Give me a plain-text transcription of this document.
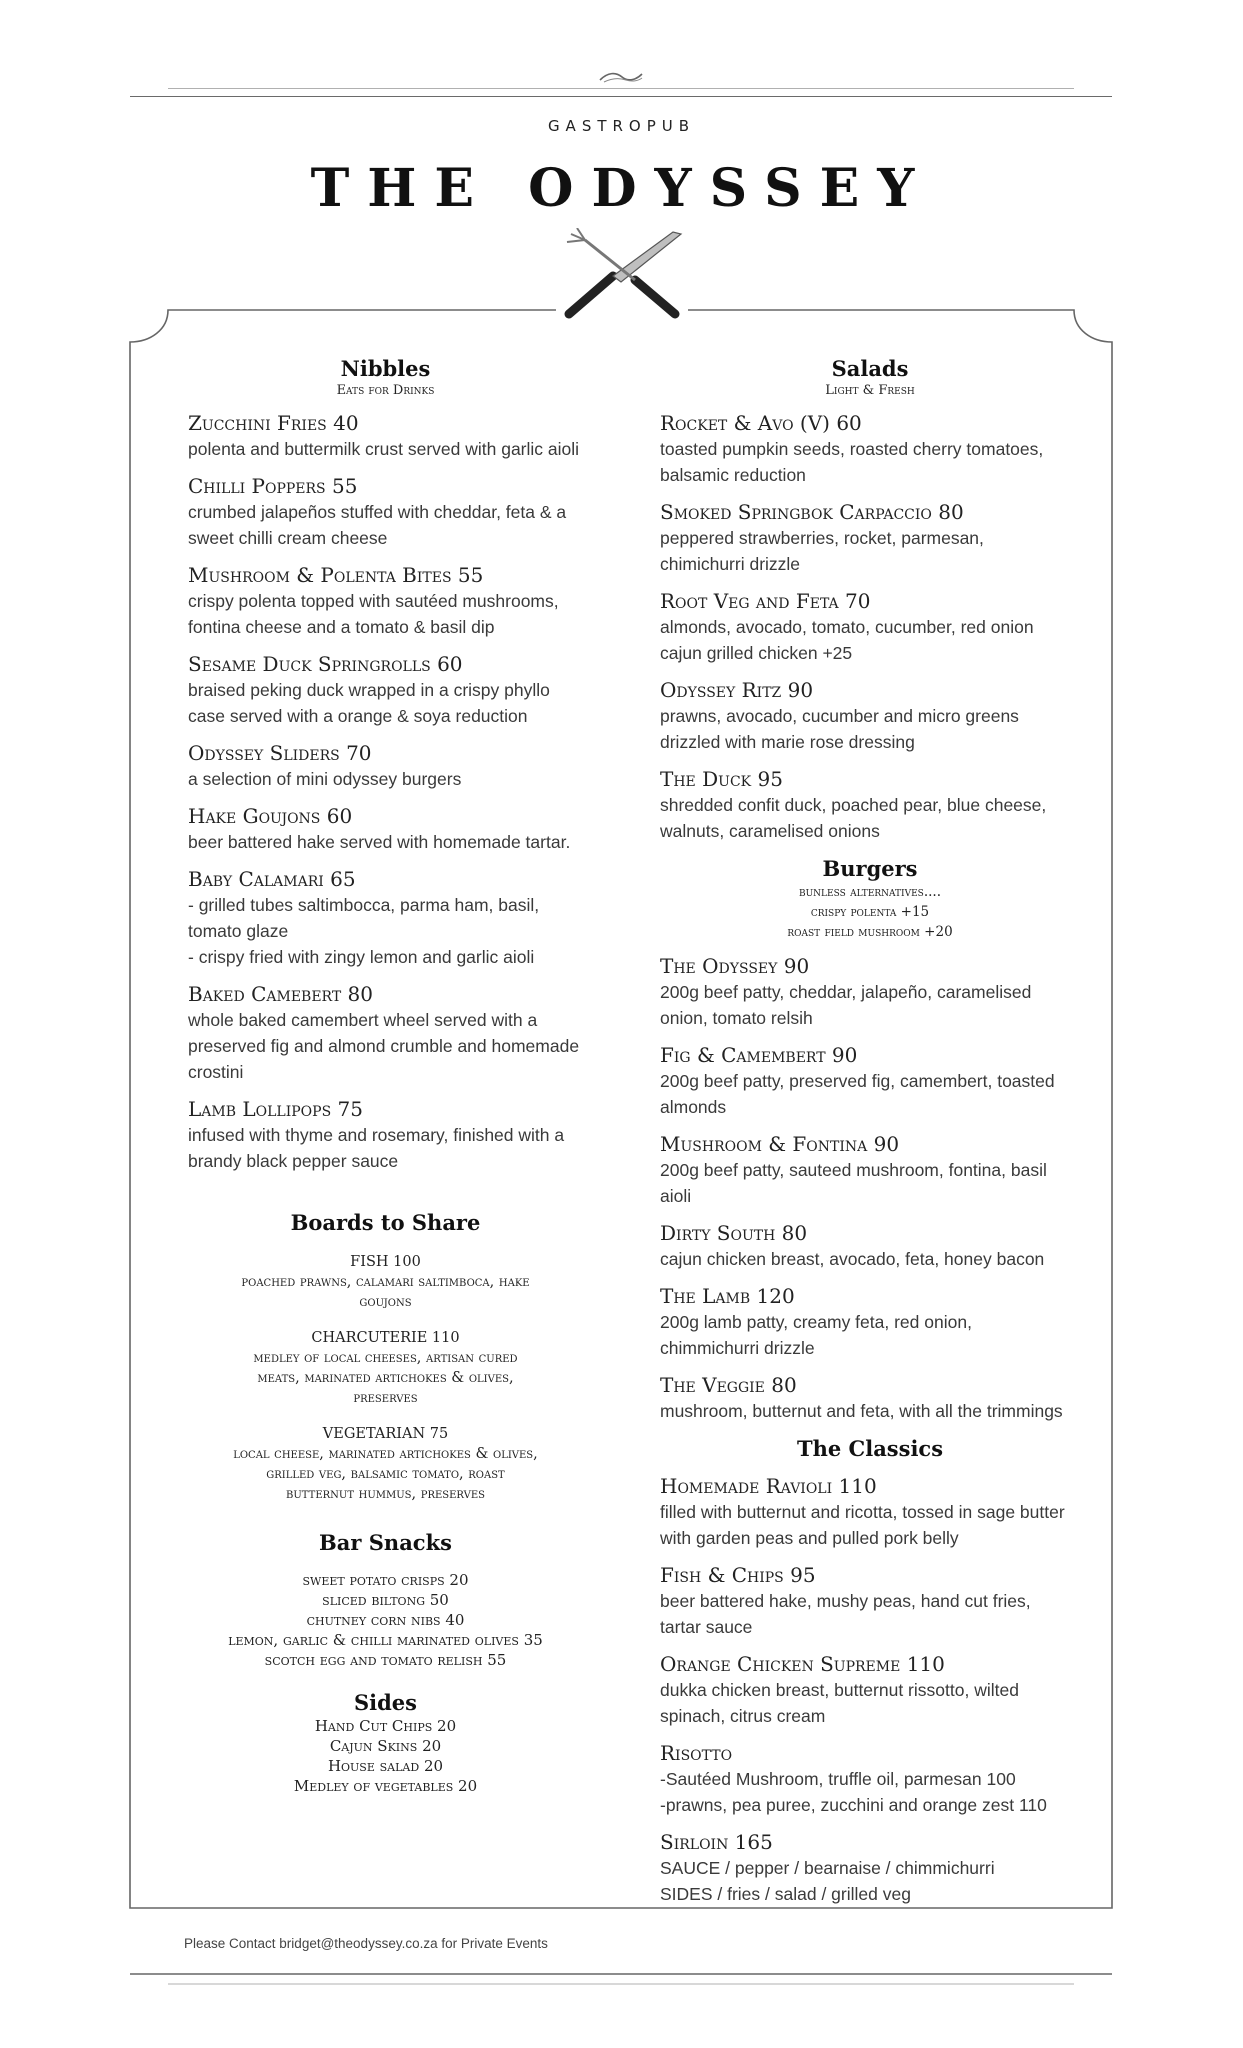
GASTROPUB
THE ODYSSEY
Nibbles
Eats for Drinks
Zucchini Fries 40
polenta and buttermilk crust served with garlic aioli
Chilli Poppers 55
crumbed jalapeños stuffed with cheddar, feta & a
sweet chilli cream cheese
Mushroom & Polenta Bites 55
crispy polenta topped with sautéed mushrooms,
fontina cheese and a tomato & basil dip
Sesame Duck Springrolls 60
braised peking duck wrapped in a crispy phyllo
case served with a orange & soya reduction
Odyssey Sliders 70
a selection of mini odyssey burgers
Hake Goujons 60
beer battered hake served with homemade tartar.
Baby Calamari 65
- grilled tubes saltimbocca, parma ham, basil,
tomato glaze
- crispy fried with zingy lemon and garlic aioli
Baked Camebert 80
whole baked camembert wheel served with a
preserved fig and almond crumble and homemade
crostini
Lamb Lollipops 75
infused with thyme and rosemary, finished with a
brandy black pepper sauce
Boards to Share
FISH 100
poached prawns, calamari saltimboca, hake
goujons
CHARCUTERIE 110
medley of local cheeses, artisan cured
meats, marinated artichokes & olives,
preserves
VEGETARIAN 75
local cheese, marinated artichokes & olives,
grilled veg, balsamic tomato, roast
butternut hummus, preserves
Bar Snacks
sweet potato crisps 20
sliced biltong 50
chutney corn nibs 40
lemon, garlic & chilli marinated olives 35
scotch egg and tomato relish 55
Sides
Hand Cut Chips 20
Cajun Skins 20
House salad 20
Medley of vegetables 20
Salads
Light & Fresh
Rocket & Avo (V) 60
toasted pumpkin seeds, roasted cherry tomatoes,
balsamic reduction
Smoked Springbok Carpaccio 80
peppered strawberries, rocket, parmesan,
chimichurri drizzle
Root Veg and Feta 70
almonds, avocado, tomato, cucumber, red onion
cajun grilled chicken +25
Odyssey Ritz 90
prawns, avocado, cucumber and micro greens
drizzled with marie rose dressing
The Duck 95
shredded confit duck, poached pear, blue cheese,
walnuts, caramelised onions
Burgers
bunless alternatives....
crispy polenta +15
roast field mushroom +20
The Odyssey 90
200g beef patty, cheddar, jalapeño, caramelised
onion, tomato relsih
Fig & Camembert 90
200g beef patty, preserved fig, camembert, toasted
almonds
Mushroom & Fontina 90
200g beef patty, sauteed mushroom, fontina, basil
aioli
Dirty South 80
cajun chicken breast, avocado, feta, honey bacon
The Lamb 120
200g lamb patty, creamy feta, red onion,
chimmichurri drizzle
The Veggie 80
mushroom, butternut and feta, with all the trimmings
The Classics
Homemade Ravioli 110
filled with butternut and ricotta, tossed in sage butter
with garden peas and pulled pork belly
Fish & Chips 95
beer battered hake, mushy peas, hand cut fries,
tartar sauce
Orange Chicken Supreme 110
dukka chicken breast, butternut rissotto, wilted
spinach, citrus cream
Risotto
-Sautéed Mushroom, truffle oil, parmesan 100
-prawns, pea puree, zucchini and orange zest 110
Sirloin 165
SAUCE / pepper / bearnaise / chimmichurri
SIDES / fries / salad / grilled veg
Please Contact bridget@theodyssey.co.za for Private Events
